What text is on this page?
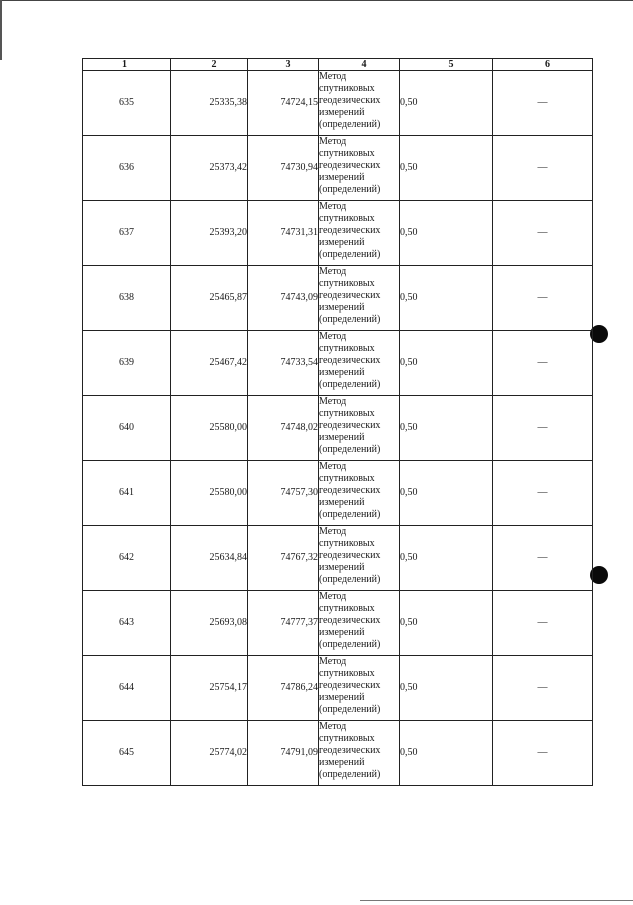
1	2	3	4	5	6
635	25335,38	74724,15	Метод
спутниковых
геодезических
измерений
(определений)	0,50	—
636	25373,42	74730,94	Метод
спутниковых
геодезических
измерений
(определений)	0,50	—
637	25393,20	74731,31	Метод
спутниковых
геодезических
измерений
(определений)	0,50	—
638	25465,87	74743,09	Метод
спутниковых
геодезических
измерений
(определений)	0,50	—
639	25467,42	74733,54	Метод
спутниковых
геодезических
измерений
(определений)	0,50	—
640	25580,00	74748,02	Метод
спутниковых
геодезических
измерений
(определений)	0,50	—
641	25580,00	74757,30	Метод
спутниковых
геодезических
измерений
(определений)	0,50	—
642	25634,84	74767,32	Метод
спутниковых
геодезических
измерений
(определений)	0,50	—
643	25693,08	74777,37	Метод
спутниковых
геодезических
измерений
(определений)	0,50	—
644	25754,17	74786,24	Метод
спутниковых
геодезических
измерений
(определений)	0,50	—
645	25774,02	74791,09	Метод
спутниковых
геодезических
измерений
(определений)	0,50	—
